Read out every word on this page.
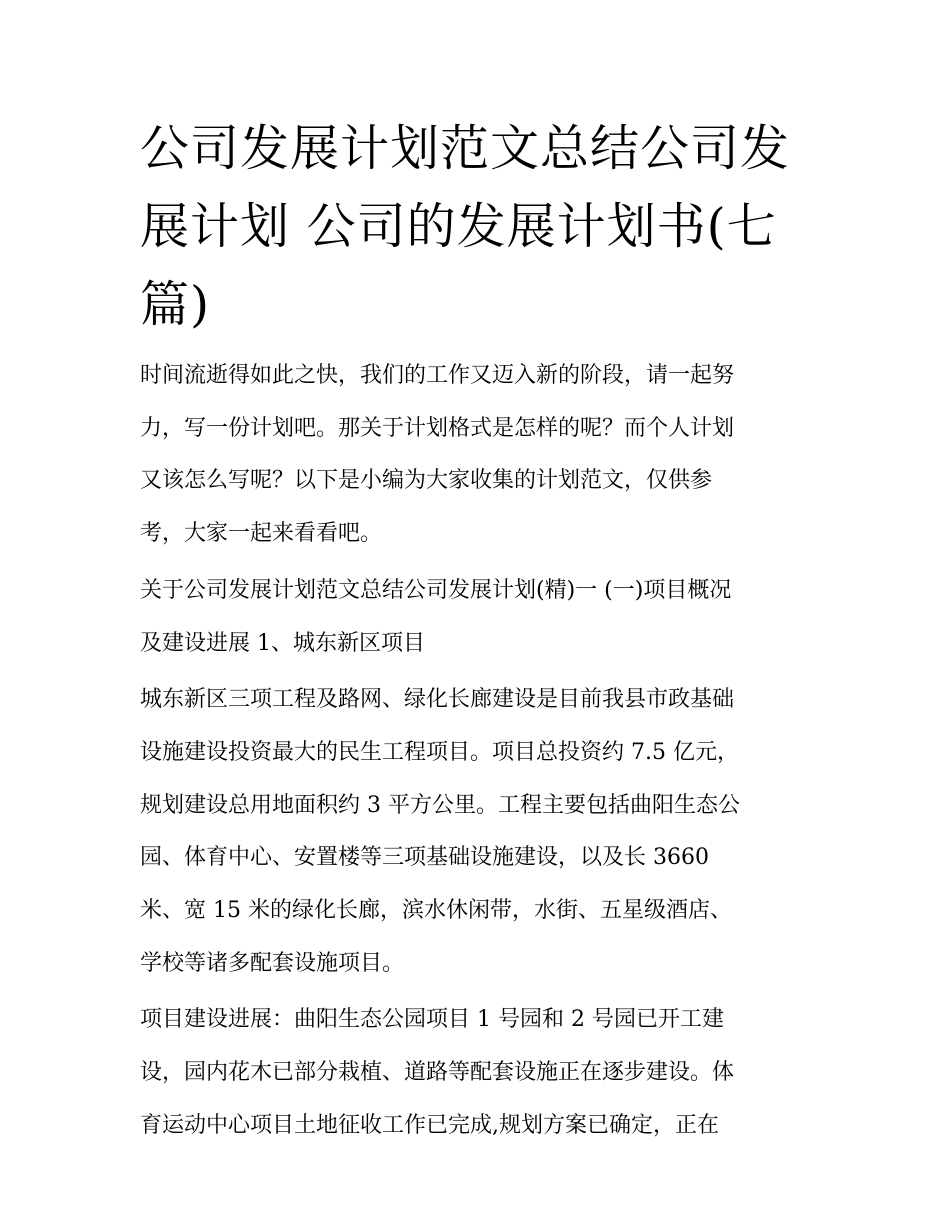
公司发展计划范文总结公司发
展计划 公司的发展计划书(七
篇)
时间流逝得如此之快，我们的工作又迈入新的阶段，请一起努
力，写一份计划吧。那关于计划格式是怎样的呢？而个人计划
又该怎么写呢？以下是小编为大家收集的计划范文，仅供参
考，大家一起来看看吧。
关于公司发展计划范文总结公司发展计划(精)一 (一)项目概况
及建设进展 1、城东新区项目
城东新区三项工程及路网、绿化长廊建设是目前我县市政基础
设施建设投资最大的民生工程项目。项目总投资约 7.5 亿元，
规划建设总用地面积约 3 平方公里。工程主要包括曲阳生态公
园、体育中心、安置楼等三项基础设施建设，以及长 3660
米、宽 15 米的绿化长廊，滨水休闲带，水街、五星级酒店、
学校等诸多配套设施项目。
项目建设进展：曲阳生态公园项目 1 号园和 2 号园已开工建
设，园内花木已部分栽植、道路等配套设施正在逐步建设。体
育运动中心项目土地征收工作已完成,规划方案已确定，正在
